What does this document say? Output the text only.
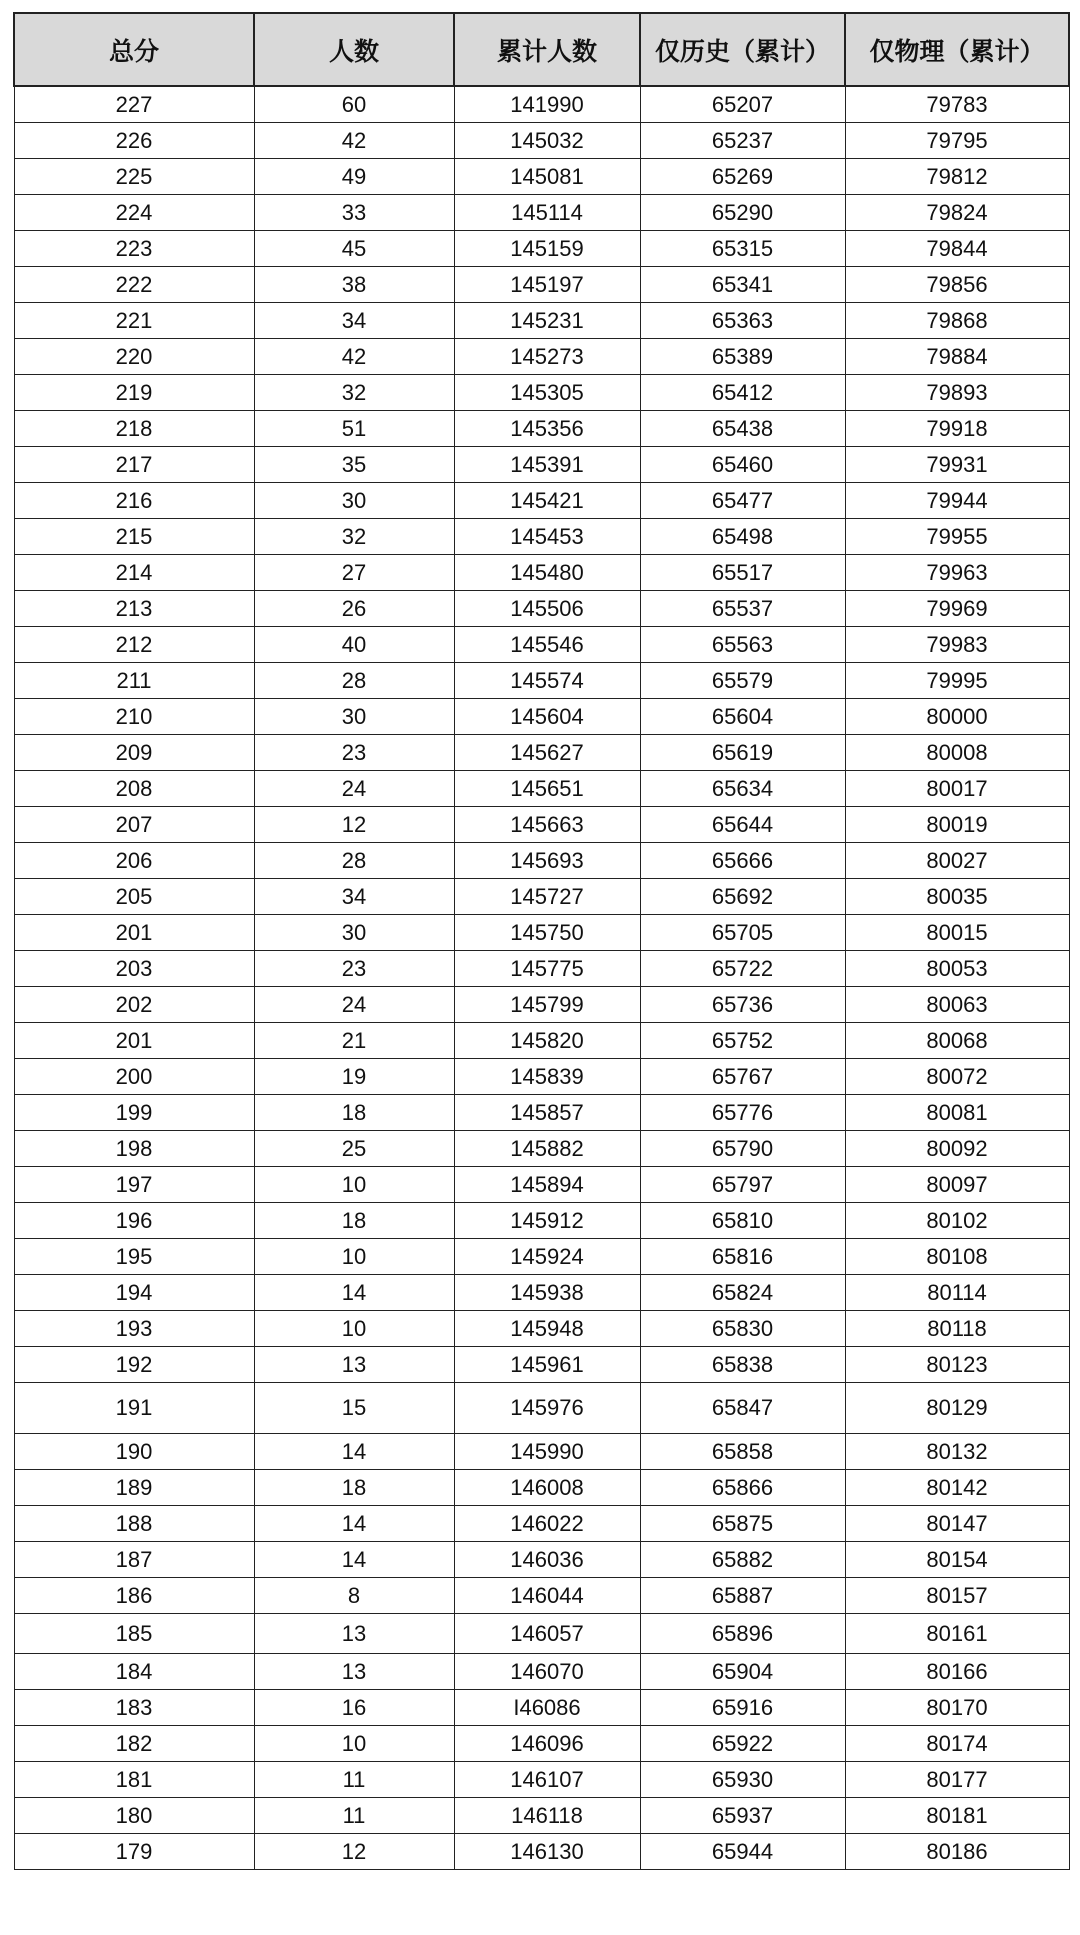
总分	人数	累计人数	仅历史（累计）	仅物理（累计）
227	60	141990	65207	79783
226	42	145032	65237	79795
225	49	145081	65269	79812
224	33	145114	65290	79824
223	45	145159	65315	79844
222	38	145197	65341	79856
221	34	145231	65363	79868
220	42	145273	65389	79884
219	32	145305	65412	79893
218	51	145356	65438	79918
217	35	145391	65460	79931
216	30	145421	65477	79944
215	32	145453	65498	79955
214	27	145480	65517	79963
213	26	145506	65537	79969
212	40	145546	65563	79983
211	28	145574	65579	79995
210	30	145604	65604	80000
209	23	145627	65619	80008
208	24	145651	65634	80017
207	12	145663	65644	80019
206	28	145693	65666	80027
205	34	145727	65692	80035
201	30	145750	65705	80015
203	23	145775	65722	80053
202	24	145799	65736	80063
201	21	145820	65752	80068
200	19	145839	65767	80072
199	18	145857	65776	80081
198	25	145882	65790	80092
197	10	145894	65797	80097
196	18	145912	65810	80102
195	10	145924	65816	80108
194	14	145938	65824	80114
193	10	145948	65830	80118
192	13	145961	65838	80123
191	15	145976	65847	80129
190	14	145990	65858	80132
189	18	146008	65866	80142
188	14	146022	65875	80147
187	14	146036	65882	80154
186	8	146044	65887	80157
185	13	146057	65896	80161
184	13	146070	65904	80166
183	16	I46086	65916	80170
182	10	146096	65922	80174
181	11	146107	65930	80177
180	11	146118	65937	80181
179	12	146130	65944	80186
